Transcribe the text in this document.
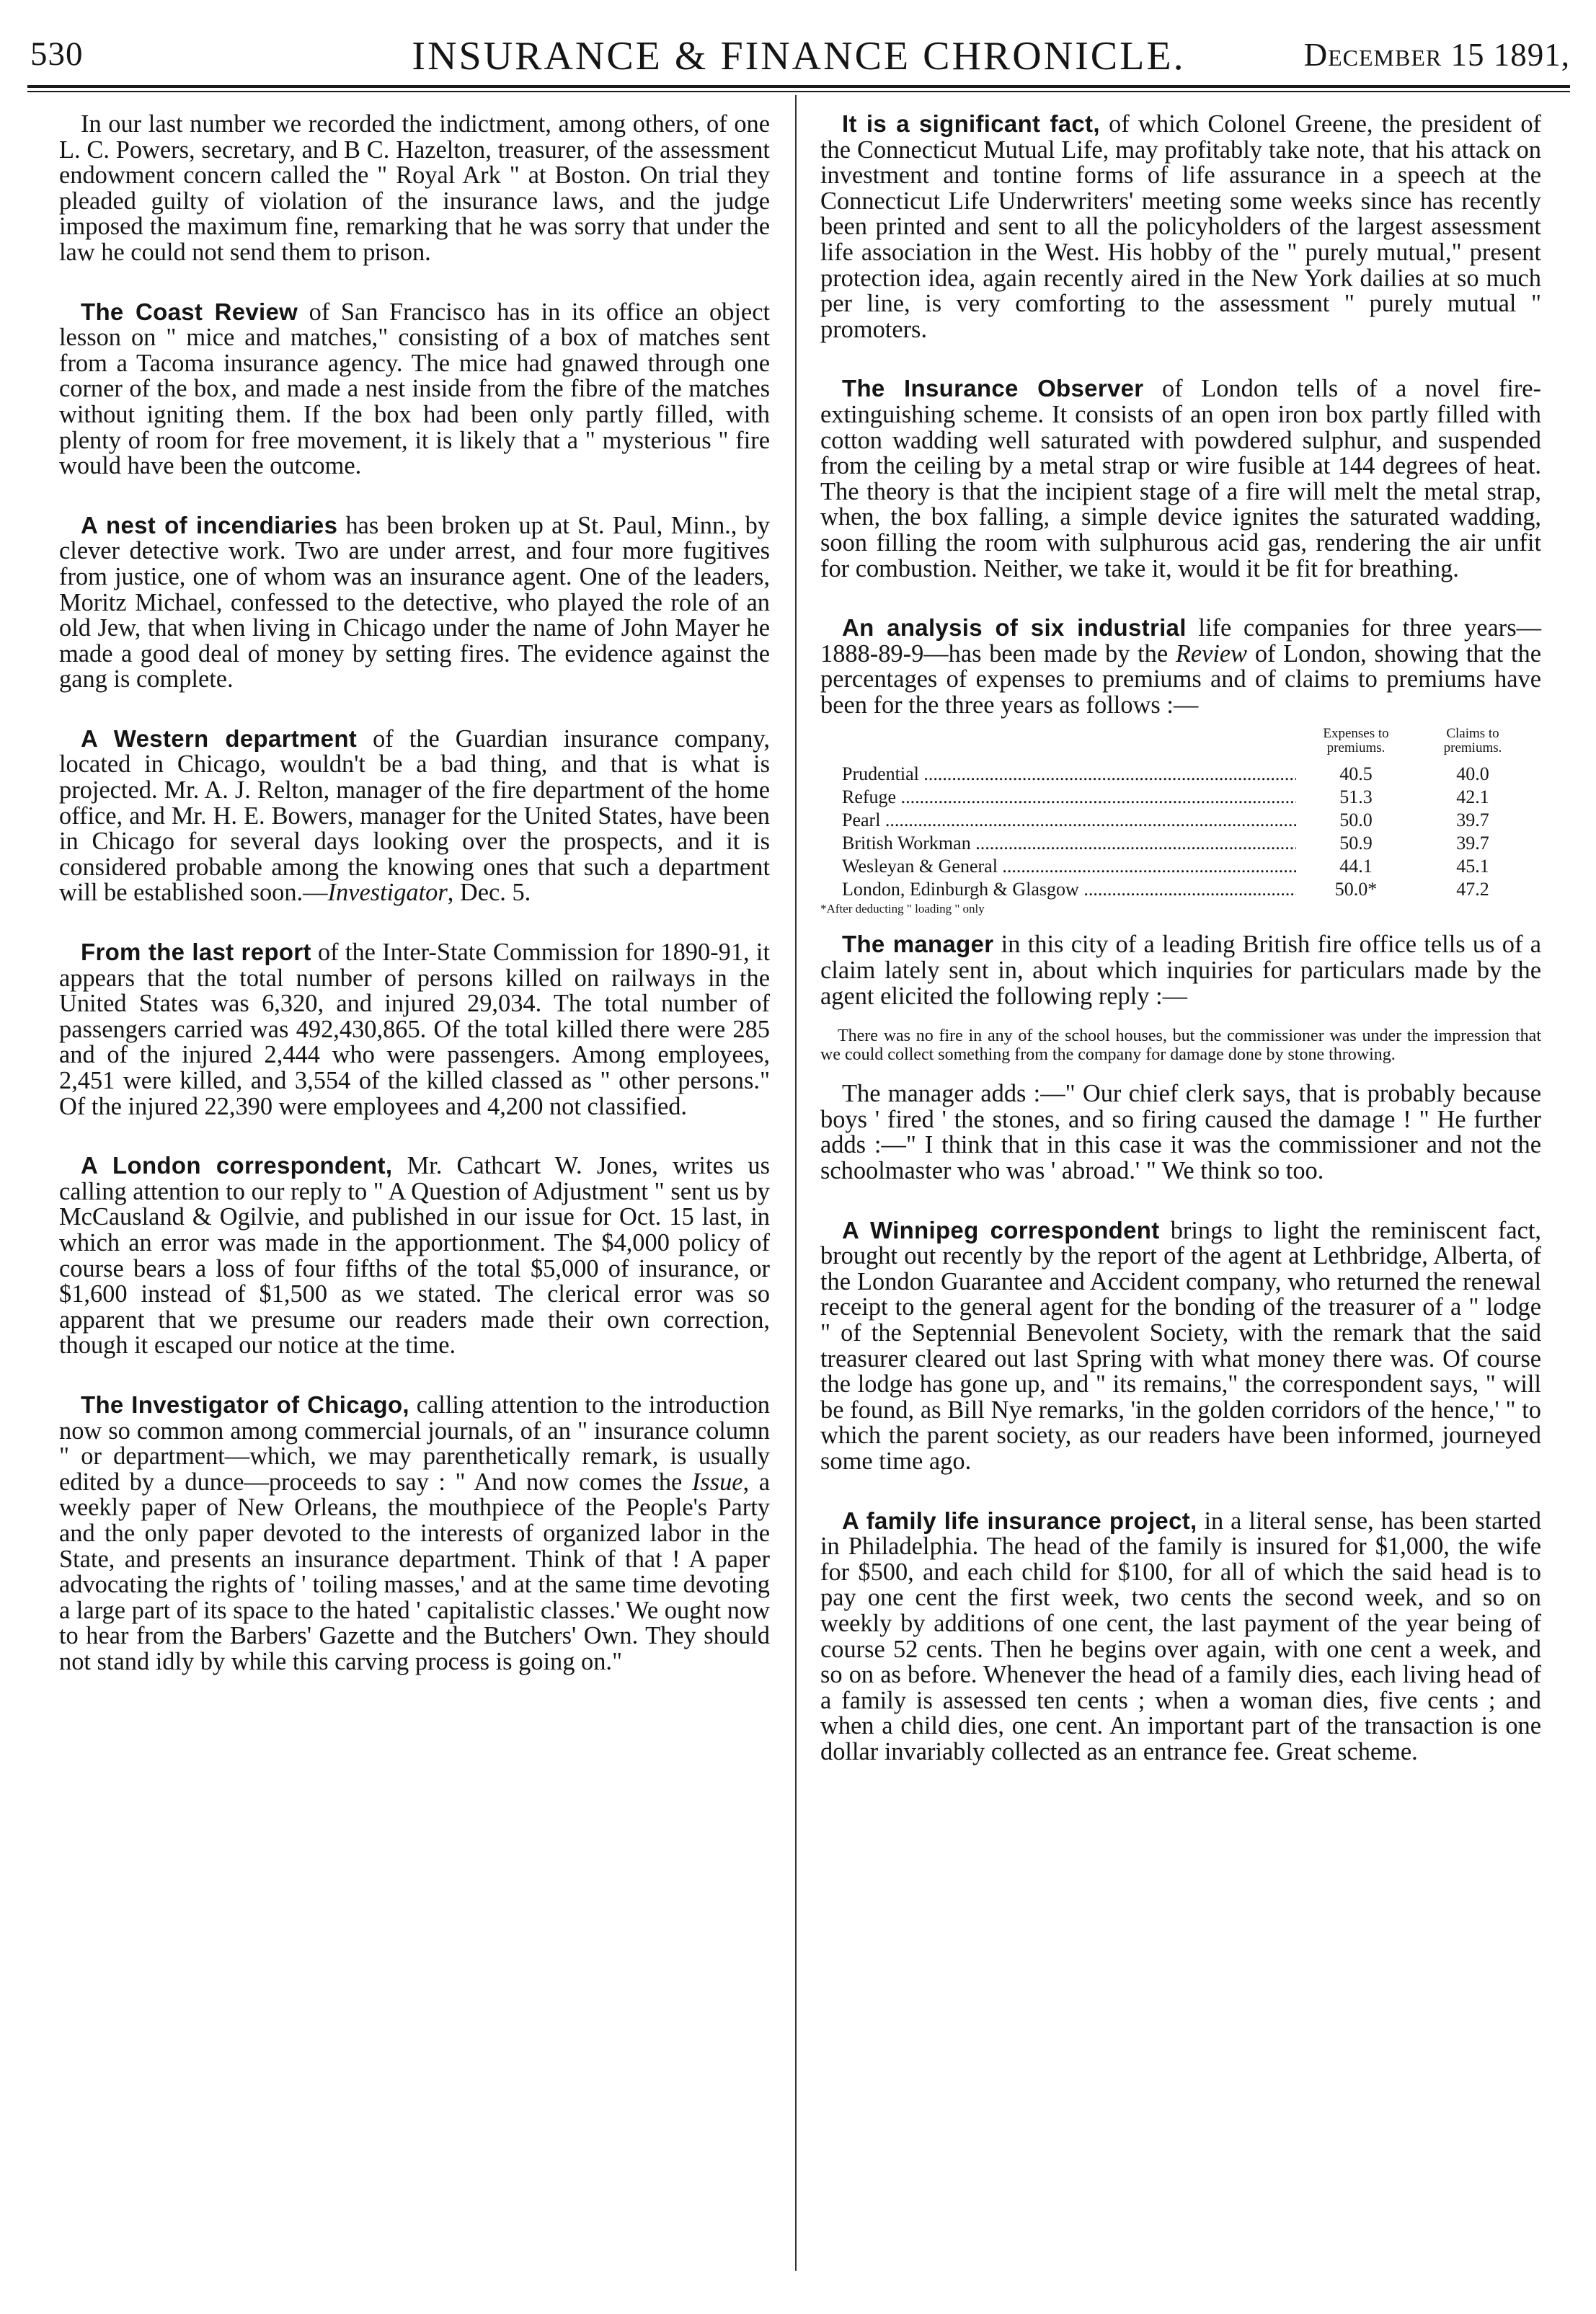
530	INSURANCE & FINANCE CHRONICLE.	December 15 1891,

In our last number we recorded the indictment, among others, of one L. C. Powers, secretary, and B C. Hazelton, treasurer, of the assessment endowment concern called the " Royal Ark " at Boston. On trial they pleaded guilty of violation of the insurance laws, and the judge imposed the maximum fine, remarking that he was sorry that under the law he could not send them to prison.

The Coast Review of San Francisco has in its office an object lesson on " mice and matches," consisting of a box of matches sent from a Tacoma insurance agency. The mice had gnawed through one corner of the box, and made a nest inside from the fibre of the matches without igniting them. If the box had been only partly filled, with plenty of room for free movement, it is likely that a " mysterious " fire would have been the outcome.

A nest of incendiaries has been broken up at St. Paul, Minn., by clever detective work. Two are under arrest, and four more fugitives from justice, one of whom was an insurance agent. One of the leaders, Moritz Michael, confessed to the detective, who played the role of an old Jew, that when living in Chicago under the name of John Mayer he made a good deal of money by setting fires. The evidence against the gang is complete.

A Western department of the Guardian insurance company, located in Chicago, wouldn't be a bad thing, and that is what is projected. Mr. A. J. Relton, manager of the fire department of the home office, and Mr. H. E. Bowers, manager for the United States, have been in Chicago for several days looking over the prospects, and it is considered probable among the knowing ones that such a department will be established soon.—Investigator, Dec. 5.

From the last report of the Inter-State Commission for 1890-91, it appears that the total number of persons killed on railways in the United States was 6,320, and injured 29,034. The total number of passengers carried was 492,430,865. Of the total killed there were 285 and of the injured 2,444 who were passengers. Among employees, 2,451 were killed, and 3,554 of the killed classed as " other persons." Of the injured 22,390 were employees and 4,200 not classified.

A London correspondent, Mr. Cathcart W. Jones, writes us calling attention to our reply to " A Question of Adjustment " sent us by McCausland & Ogilvie, and published in our issue for Oct. 15 last, in which an error was made in the apportionment. The $4,000 policy of course bears a loss of four fifths of the total $5,000 of insurance, or $1,600 instead of $1,500 as we stated. The clerical error was so apparent that we presume our readers made their own correction, though it escaped our notice at the time.

The Investigator of Chicago, calling attention to the introduction now so common among commercial journals, of an " insurance column " or department—which, we may parenthetically remark, is usually edited by a dunce—proceeds to say : " And now comes the Issue, a weekly paper of New Orleans, the mouthpiece of the People's Party and the only paper devoted to the interests of organized labor in the State, and presents an insurance department. Think of that ! A paper advocating the rights of ' toiling masses,' and at the same time devoting a large part of its space to the hated ' capitalistic classes.' We ought now to hear from the Barbers' Gazette and the Butchers' Own. They should not stand idly by while this carving process is going on."

It is a significant fact, of which Colonel Greene, the president of the Connecticut Mutual Life, may profitably take note, that his attack on investment and tontine forms of life assurance in a speech at the Connecticut Life Underwriters' meeting some weeks since has recently been printed and sent to all the policyholders of the largest assessment life association in the West. His hobby of the " purely mutual," present protection idea, again recently aired in the New York dailies at so much per line, is very comforting to the assessment " purely mutual " promoters.

The Insurance Observer of London tells of a novel fire-extinguishing scheme. It consists of an open iron box partly filled with cotton wadding well saturated with powdered sulphur, and suspended from the ceiling by a metal strap or wire fusible at 144 degrees of heat. The theory is that the incipient stage of a fire will melt the metal strap, when, the box falling, a simple device ignites the saturated wadding, soon filling the room with sulphurous acid gas, rendering the air unfit for combustion. Neither, we take it, would it be fit for breathing.

An analysis of six industrial life companies for three years—1888-89-9—has been made by the Review of London, showing that the percentages of expenses to premiums and of claims to premiums have been for the three years as follows :—

Expenses to premiums.
Claims to premiums.
Prudential .....	40.5	40.0
Refuge .....	51.3	42.1
Pearl .....	50.0	39.7
British Workman .....	50.9	39.7
Wesleyan & General .....	44.1	45.1
London, Edinburgh & Glasgow .....	50.0*	47.2
*After deducting " loading " only

The manager in this city of a leading British fire office tells us of a claim lately sent in, about which inquiries for particulars made by the agent elicited the following reply :—

There was no fire in any of the school houses, but the commissioner was under the impression that we could collect something from the company for damage done by stone throwing.

The manager adds :—" Our chief clerk says, that is probably because boys ' fired ' the stones, and so firing caused the damage ! " He further adds :—" I think that in this case it was the commissioner and not the schoolmaster who was ' abroad.' " We think so too.

A Winnipeg correspondent brings to light the reminiscent fact, brought out recently by the report of the agent at Lethbridge, Alberta, of the London Guarantee and Accident company, who returned the renewal receipt to the general agent for the bonding of the treasurer of a " lodge " of the Septennial Benevolent Society, with the remark that the said treasurer cleared out last Spring with what money there was. Of course the lodge has gone up, and " its remains," the correspondent says, " will be found, as Bill Nye remarks, 'in the golden corridors of the hence,' " to which the parent society, as our readers have been informed, journeyed some time ago.

A family life insurance project, in a literal sense, has been started in Philadelphia. The head of the family is insured for $1,000, the wife for $500, and each child for $100, for all of which the said head is to pay one cent the first week, two cents the second week, and so on weekly by additions of one cent, the last payment of the year being of course 52 cents. Then he begins over again, with one cent a week, and so on as before. Whenever the head of a family dies, each living head of a family is assessed ten cents ; when a woman dies, five cents ; and when a child dies, one cent. An important part of the transaction is one dollar invariably collected as an entrance fee. Great scheme.
